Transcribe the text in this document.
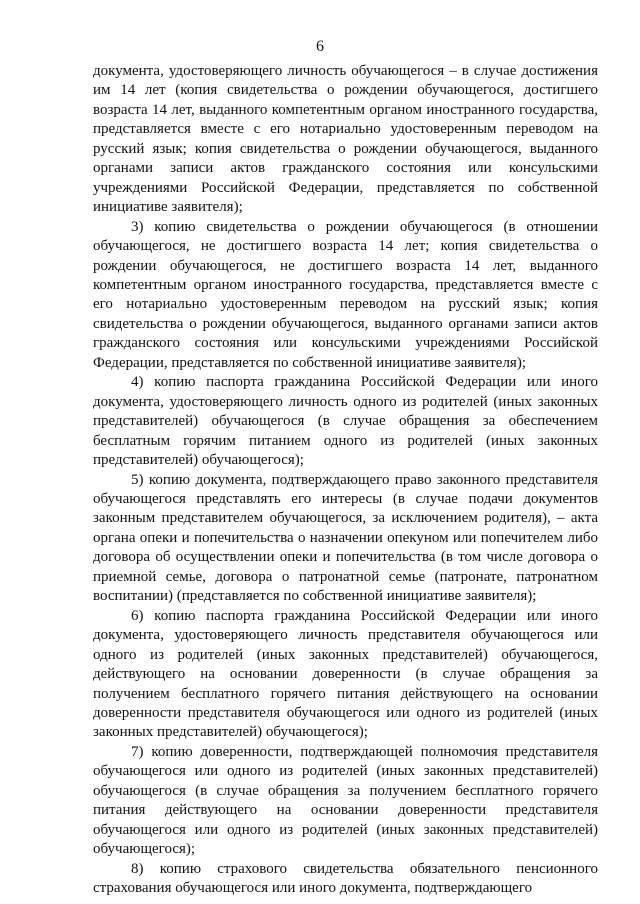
6

документа, удостоверяющего личность обучающегося – в случае достижения им 14 лет (копия свидетельства о рождении обучающегося, достигшего возраста 14 лет, выданного компетентным органом иностранного государства, представляется вместе с его нотариально удостоверенным переводом на русский язык; копия свидетельства о рождении обучающегося, выданного органами записи актов гражданского состояния или консульскими учреждениями Российской Федерации, представляется по собственной инициативе заявителя);

3) копию свидетельства о рождении обучающегося (в отношении обучающегося, не достигшего возраста 14 лет; копия свидетельства о рождении обучающегося, не достигшего возраста 14 лет, выданного компетентным органом иностранного государства, представляется вместе с его нотариально удостоверенным переводом на русский язык; копия свидетельства о рождении обучающегося, выданного органами записи актов гражданского состояния или консульскими учреждениями Российской Федерации, представляется по собственной инициативе заявителя);

4) копию паспорта гражданина Российской Федерации или иного документа, удостоверяющего личность одного из родителей (иных законных представителей) обучающегося (в случае обращения за обеспечением бесплатным горячим питанием одного из родителей (иных законных представителей) обучающегося);

5) копию документа, подтверждающего право законного представителя обучающегося представлять его интересы (в случае подачи документов законным представителем обучающегося, за исключением родителя), – акта органа опеки и попечительства о назначении опекуном или попечителем либо договора об осуществлении опеки и попечительства (в том числе договора о приемной семье, договора о патронатной семье (патронате, патронатном воспитании) (представляется по собственной инициативе заявителя);

6) копию паспорта гражданина Российской Федерации или иного документа, удостоверяющего личность представителя обучающегося или одного из родителей (иных законных представителей) обучающегося, действующего на основании доверенности (в случае обращения за получением бесплатного горячего питания действующего на основании доверенности представителя обучающегося или одного из родителей (иных законных представителей) обучающегося);

7) копию доверенности, подтверждающей полномочия представителя обучающегося или одного из родителей (иных законных представителей) обучающегося (в случае обращения за получением бесплатного горячего питания действующего на основании доверенности представителя обучающегося или одного из родителей (иных законных представителей) обучающегося);

8) копию страхового свидетельства обязательного пенсионного страхования обучающегося или иного документа, подтверждающего
